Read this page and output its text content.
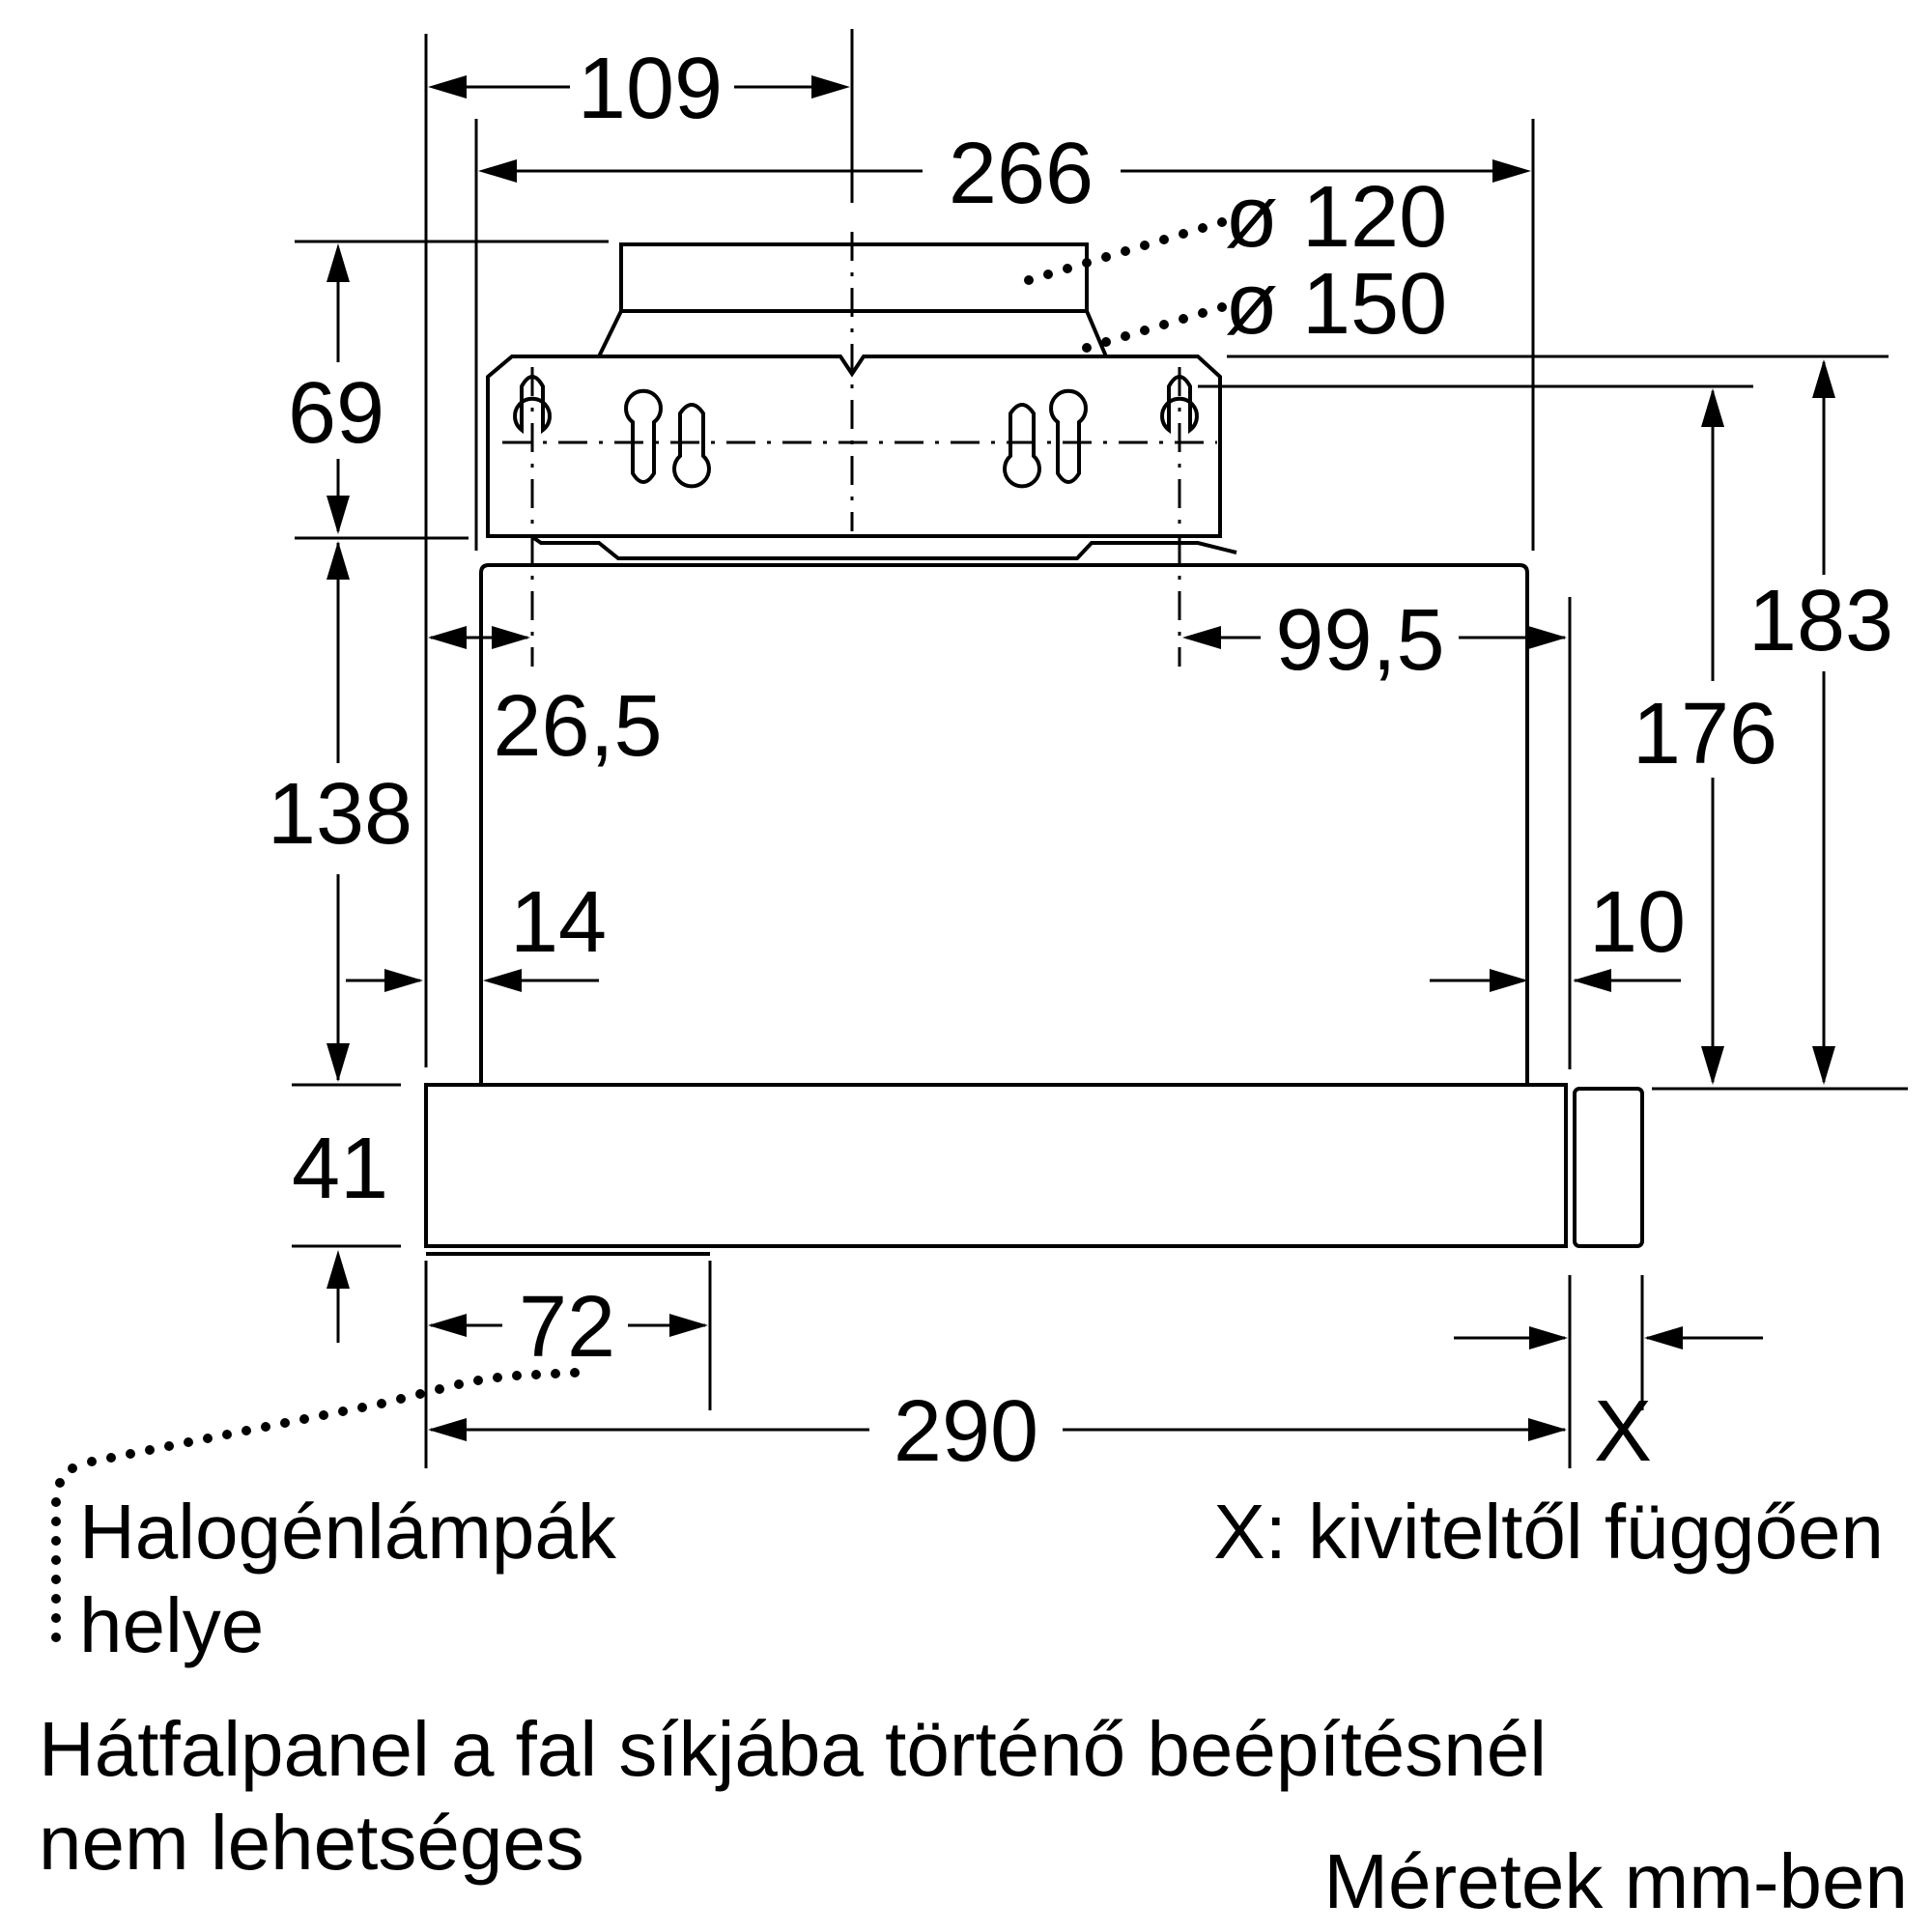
109
266 ø 120
ø 150
69
138
41
26,5
14
99,5
10
176
183
72
290	X
Halogénlámpák
helye
X: kiviteltől függően
Hátfalpanel a fal síkjába történő beépítésnél
nem lehetséges	Méretek mm-ben
